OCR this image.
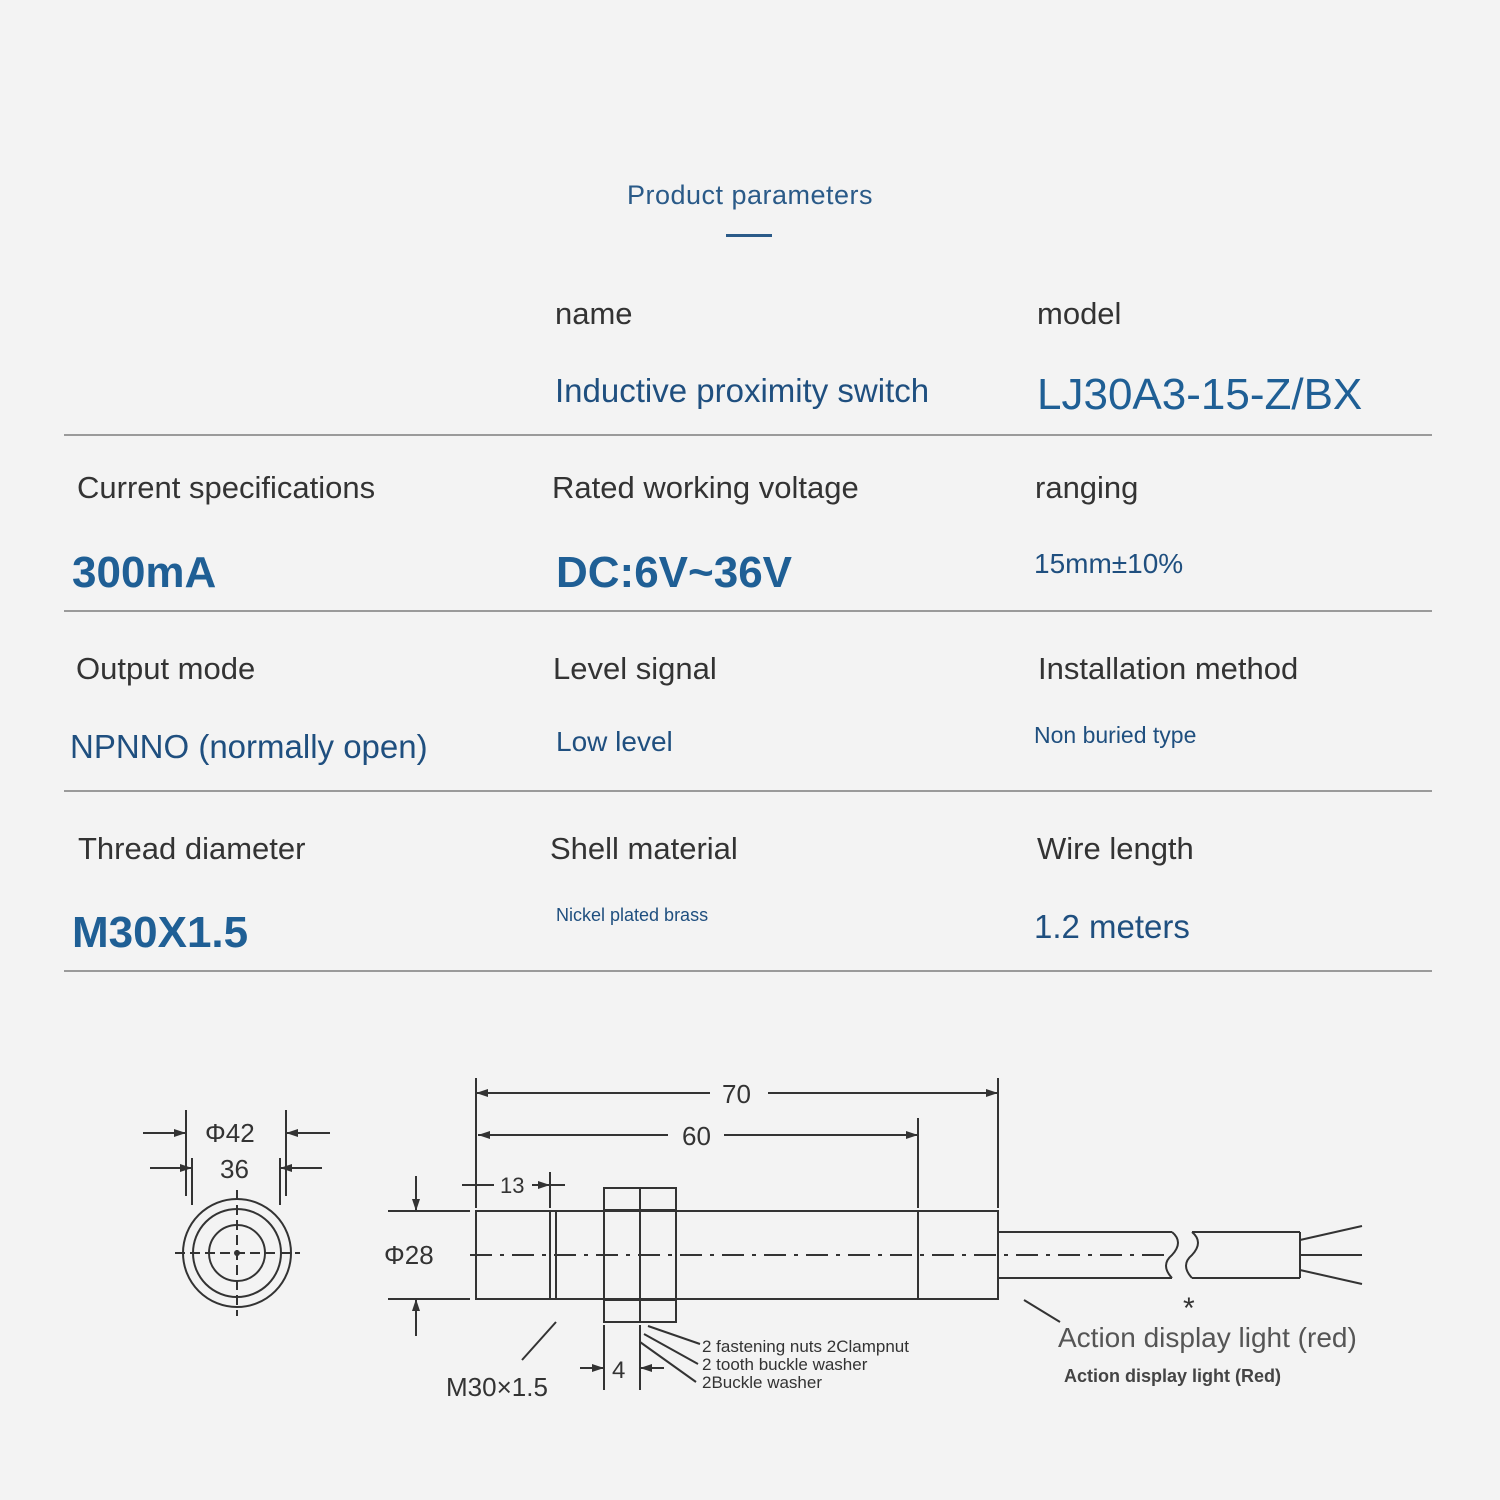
Product parameters
name
Inductive proximity switch
model
LJ30A3-15-Z/BX
Current specifications
300mA
Rated working voltage
DC:6V~36V
ranging
15mm±10%
Output mode
NPNNO (normally open)
Level signal
Low level
Installation method
Non buried type
Thread diameter
M30X1.5
Shell material
Nickel plated brass
Wire length
1.2 meters
Φ42
36
70
60
13
Φ28
4
M30×1.5
2 fastening nuts 2Clampnut
2 tooth buckle washer
2Buckle washer
*
Action display light (red)
Action display light (Red)
